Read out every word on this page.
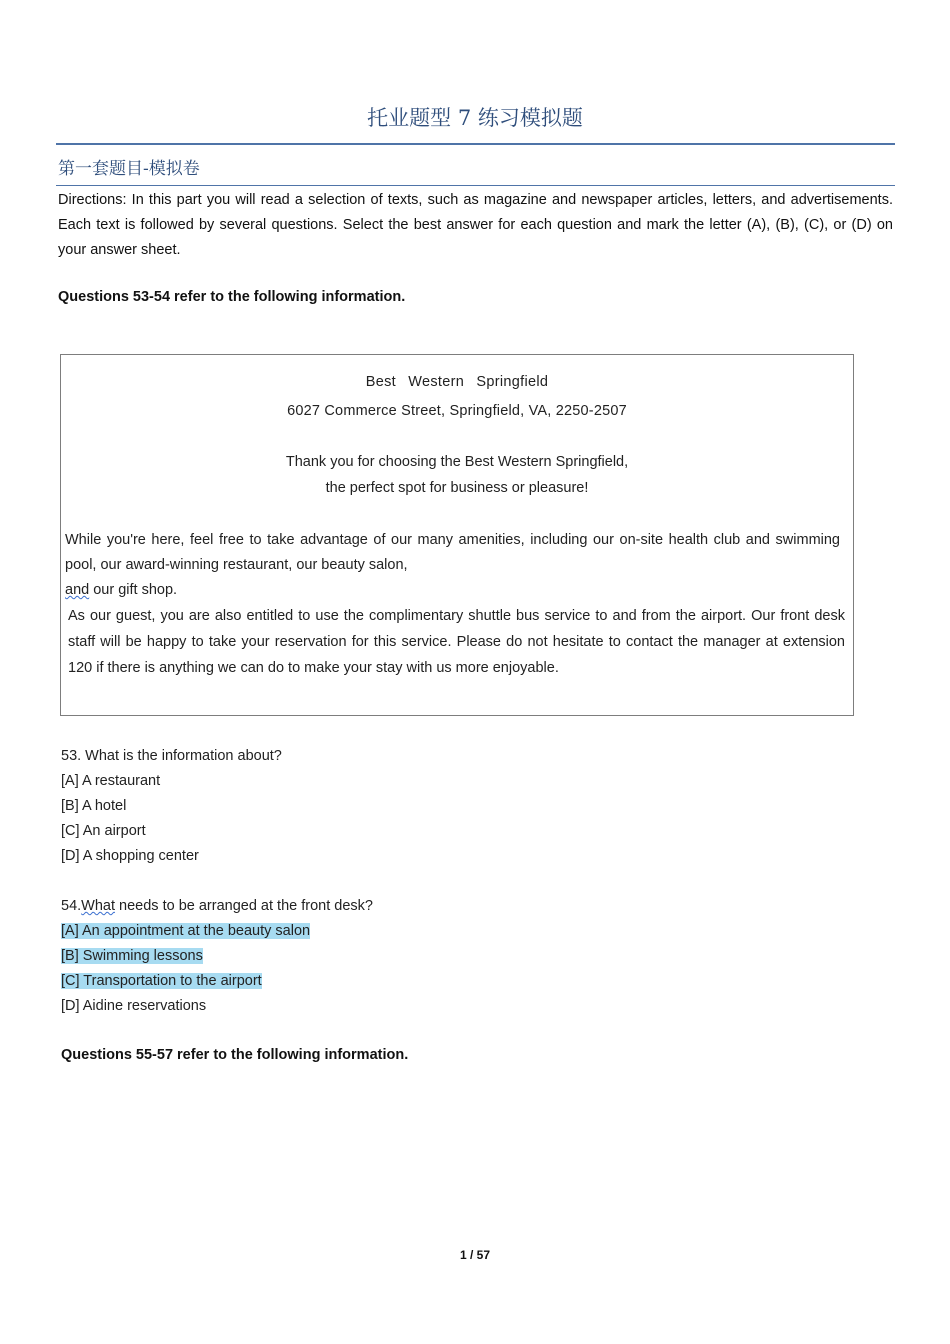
托业题型 7 练习模拟题
第一套题目-模拟卷
Directions: In this part you will read a selection of texts, such as magazine and newspaper articles, letters, and advertisements. Each text is followed by several questions. Select the best answer for each question and mark the letter (A), (B), (C), or (D) on your answer sheet.
Questions 53-54 refer to the following information.
Best Western Springfield
6027 Commerce Street, Springfield, VA, 2250-2507
Thank you for choosing the Best Western Springfield,
the perfect spot for business or pleasure!
While you're here, feel free to take advantage of our many amenities, including our on-site health club and swimming pool, our award-winning restaurant, our beauty salon,
and our gift shop.
As our guest, you are also entitled to use the complimentary shuttle bus service to and from the airport. Our front desk staff will be happy to take your reservation for this service. Please do not hesitate to contact the manager at extension 120 if there is anything we can do to make your stay with us more enjoyable.
53. What is the information about?
[A] A restaurant
[B] A hotel
[C] An airport
[D] A shopping center
54.What needs to be arranged at the front desk?
[A] An appointment at the beauty salon
[B] Swimming lessons
[C] Transportation to the airport
[D] Aidine reservations
Questions 55-57 refer to the following information.
1 / 57
